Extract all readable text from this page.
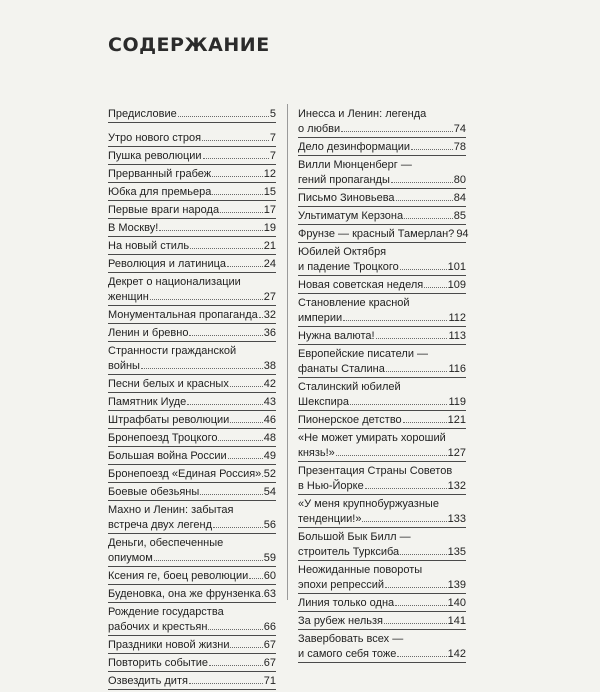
СОДЕРЖАНИЕ
Предисловие	5
Утро нового строя	7
Пушка революции	7
Прерванный грабеж	12
Юбка для премьера	15
Первые враги народа	17
В Москву!	19
На новый стиль	21
Революция и латиница	24
Декрет о национализации
женщин	27
Монументальная пропаганда 32
Ленин и бревно	36
Странности гражданской
войны	38
Песни белых и красных	42
Памятник Иуде	43
Штрафбаты революции	46
Бронепоезд Троцкого	48
Большая война России	49
Бронепоезд «Единая Россия» 52
Боевые обезьяны	54
Махно и Ленин: забытая
встреча двух легенд	56
Деньги, обеспеченные
опиумом	59
Ксения ге, боец революции 60
Буденовка, она же фрунзенка 63
Рождение государства
рабочих и крестьян	66
Праздники новой жизни	67
Повторить событие	67
Озвездить дитя	71
Инесса и Ленин: легенда
о любви	74
Дело дезинформации	78
Вилли Мюнценберг —
гений пропаганды	80
Письмо Зиновьева	84
Ультиматум Керзона	85
Фрунзе — красный Тамерлан? 94
Юбилей Октября
и падение Троцкого	101
Новая советская неделя 109
Становление красной
империи	112
Нужна валюта!	113
Европейские писатели —
фанаты Сталина	116
Сталинский юбилей
Шекспира	119
Пионерское детство	121
«Не может умирать хороший
князь!»	127
Презентация Страны Советов
в Нью-Йорке	132
«У меня крупнобуржуазные
тенденции!»	133
Большой Бык Билл —
строитель Турксиба	135
Неожиданные повороты
эпохи репрессий	139
Линия только одна	140
За рубеж нельзя	141
Завербовать всех —
и самого себя тоже	142
